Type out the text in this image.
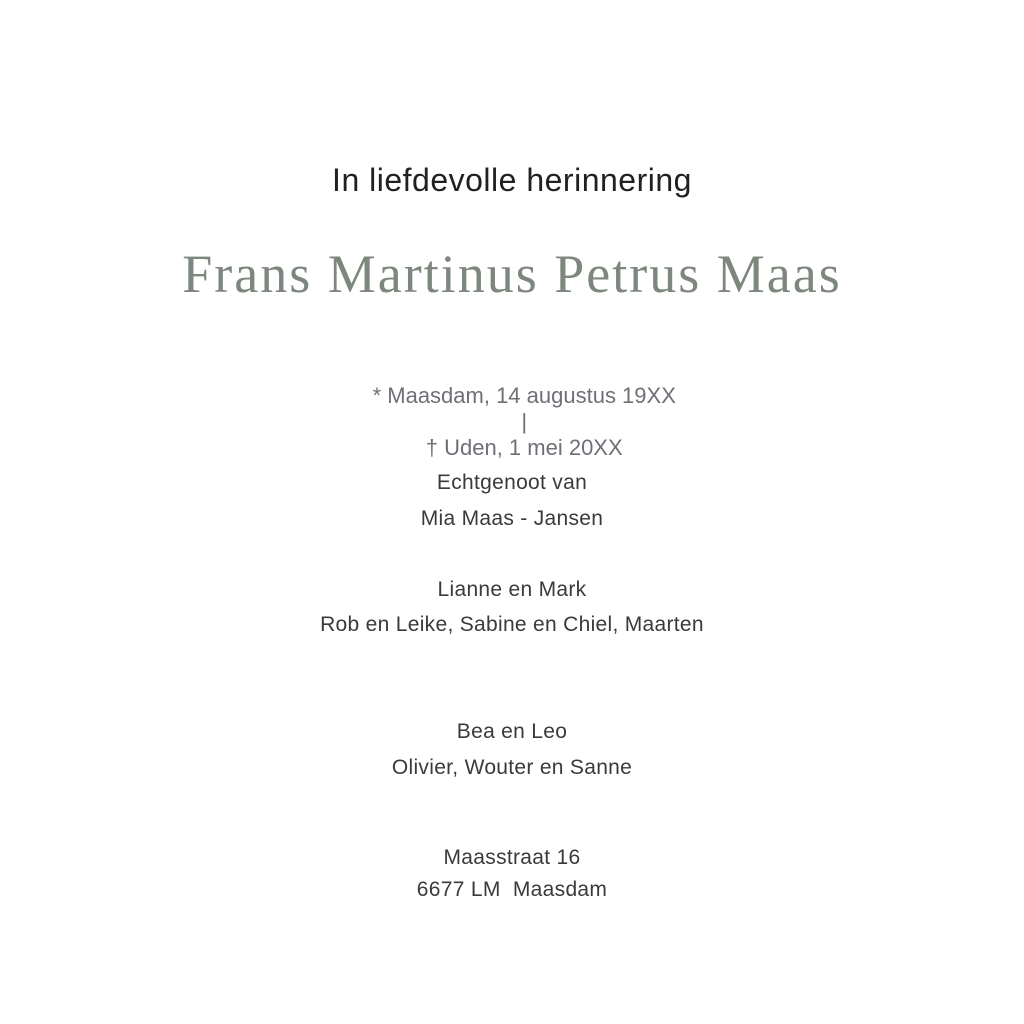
In liefdevolle herinnering
Frans Martinus Petrus Maas

* Maasdam, 14 augustus 19XX
|
† Uden, 1 mei 20XX

Echtgenoot van
Mia Maas - Jansen
Lianne en Mark
Rob en Leike, Sabine en Chiel, Maarten
Bea en Leo
Olivier, Wouter en Sanne
Maasstraat 16
6677 LM  Maasdam
